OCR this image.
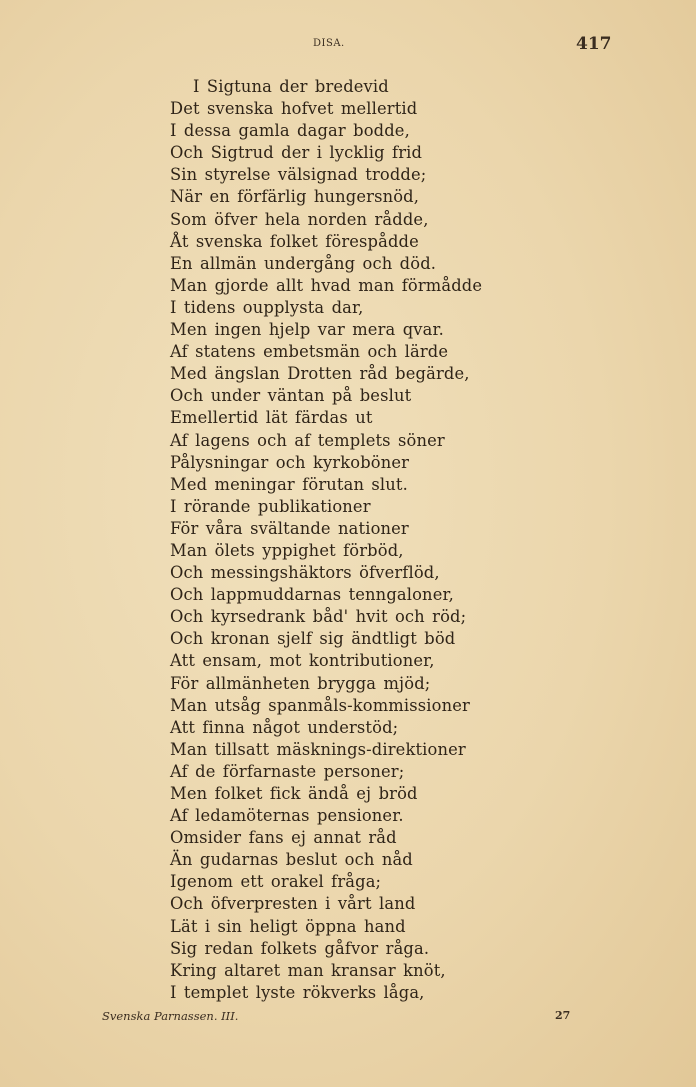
DISA.	417
I Sigtuna der bredevid
Det svenska hofvet mellertid
I dessa gamla dagar bodde,
Och Sigtrud der i lycklig frid
Sin styrelse välsignad trodde;
När en förfärlig hungersnöd,
Som öfver hela norden rådde,
Åt svenska folket förespådde
En allmän undergång och död.
Man gjorde allt hvad man förmådde
I tidens oupplysta dar,
Men ingen hjelp var mera qvar.
Af statens embetsmän och lärde
Med ängslan Drotten råd begärde,
Och under väntan på beslut
Emellertid lät färdas ut
Af lagens och af templets söner
Pålysningar och kyrkoböner
Med meningar förutan slut.
I rörande publikationer
För våra svältande nationer
Man ölets yppighet förböd,
Och messingshäktors öfverflöd,
Och lappmuddarnas tenngaloner,
Och kyrsedrank båd' hvit och röd;
Och kronan sjelf sig ändtligt böd
Att ensam, mot kontributioner,
För allmänheten brygga mjöd;
Man utsåg spanmåls-kommissioner
Att finna något understöd;
Man tillsatt mäsknings-direktioner
Af de förfarnaste personer;
Men folket fick ändå ej bröd
Af ledamöternas pensioner.
Omsider fans ej annat råd
Än gudarnas beslut och nåd
Igenom ett orakel fråga;
Och öfverpresten i vårt land
Lät i sin heligt öppna hand
Sig redan folkets gåfvor råga.
Kring altaret man kransar knöt,
I templet lyste rökverks låga,
Svenska Parnassen. III.	27
